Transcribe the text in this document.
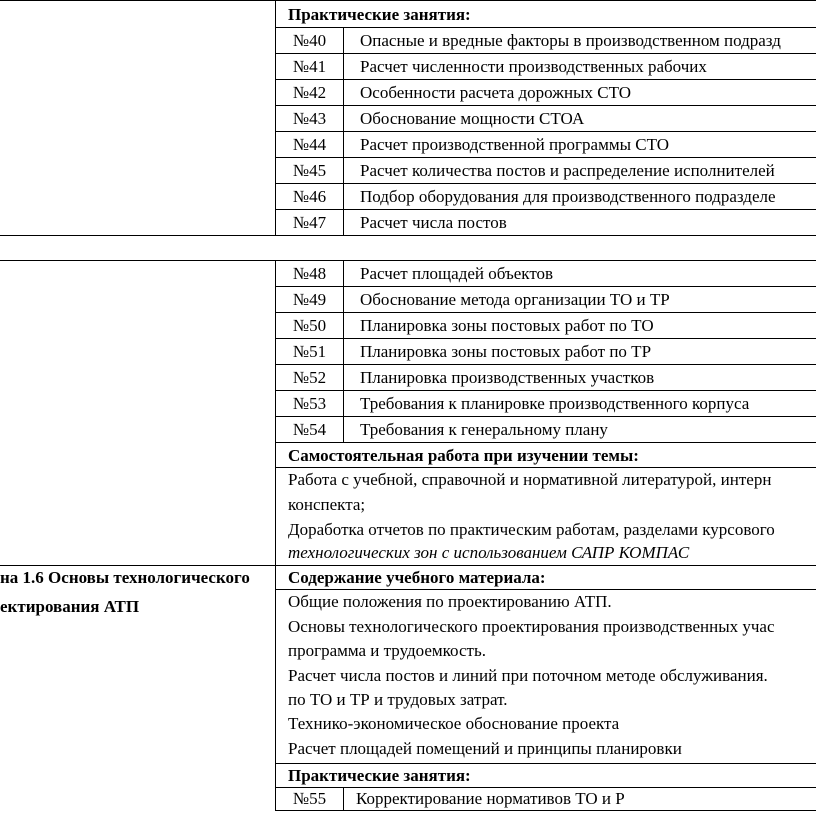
Практические занятия:
№40	Опасные и вредные факторы в производственном подразд
№41	Расчет численности производственных рабочих
№42	Особенности расчета дорожных СТО
№43	Обоснование мощности СТОА
№44	Расчет производственной программы СТО
№45	Расчет количества постов и распределение исполнителей
№46	Подбор оборудования для производственного подразделе
№47	Расчет числа постов
№48	Расчет площадей объектов
№49	Обоснование метода организации ТО и ТР
№50	Планировка зоны постовых работ по ТО
№51	Планировка зоны постовых работ по ТР
№52	Планировка производственных участков
№53	Требования к планировке производственного корпуса
№54	Требования к генеральному плану
Самостоятельная работа при изучении темы:
Работа с учебной, справочной и нормативной литературой, интерн
конспекта;
Доработка отчетов по практическим работам, разделами курсового
технологических зон с использованием САПР КОМПАС
на 1.6 Основы технологического
ектирования АТП
Содержание учебного материала:
Общие положения по проектированию АТП.
Основы технологического проектирования производственных учас
программа и трудоемкость.
Расчет числа постов и линий при поточном методе обслуживания.
по ТО и ТР и трудовых затрат.
Технико-экономическое обоснование проекта
Расчет площадей помещений и принципы планировки
Практические занятия:
№55	Корректирование нормативов ТО и Р
